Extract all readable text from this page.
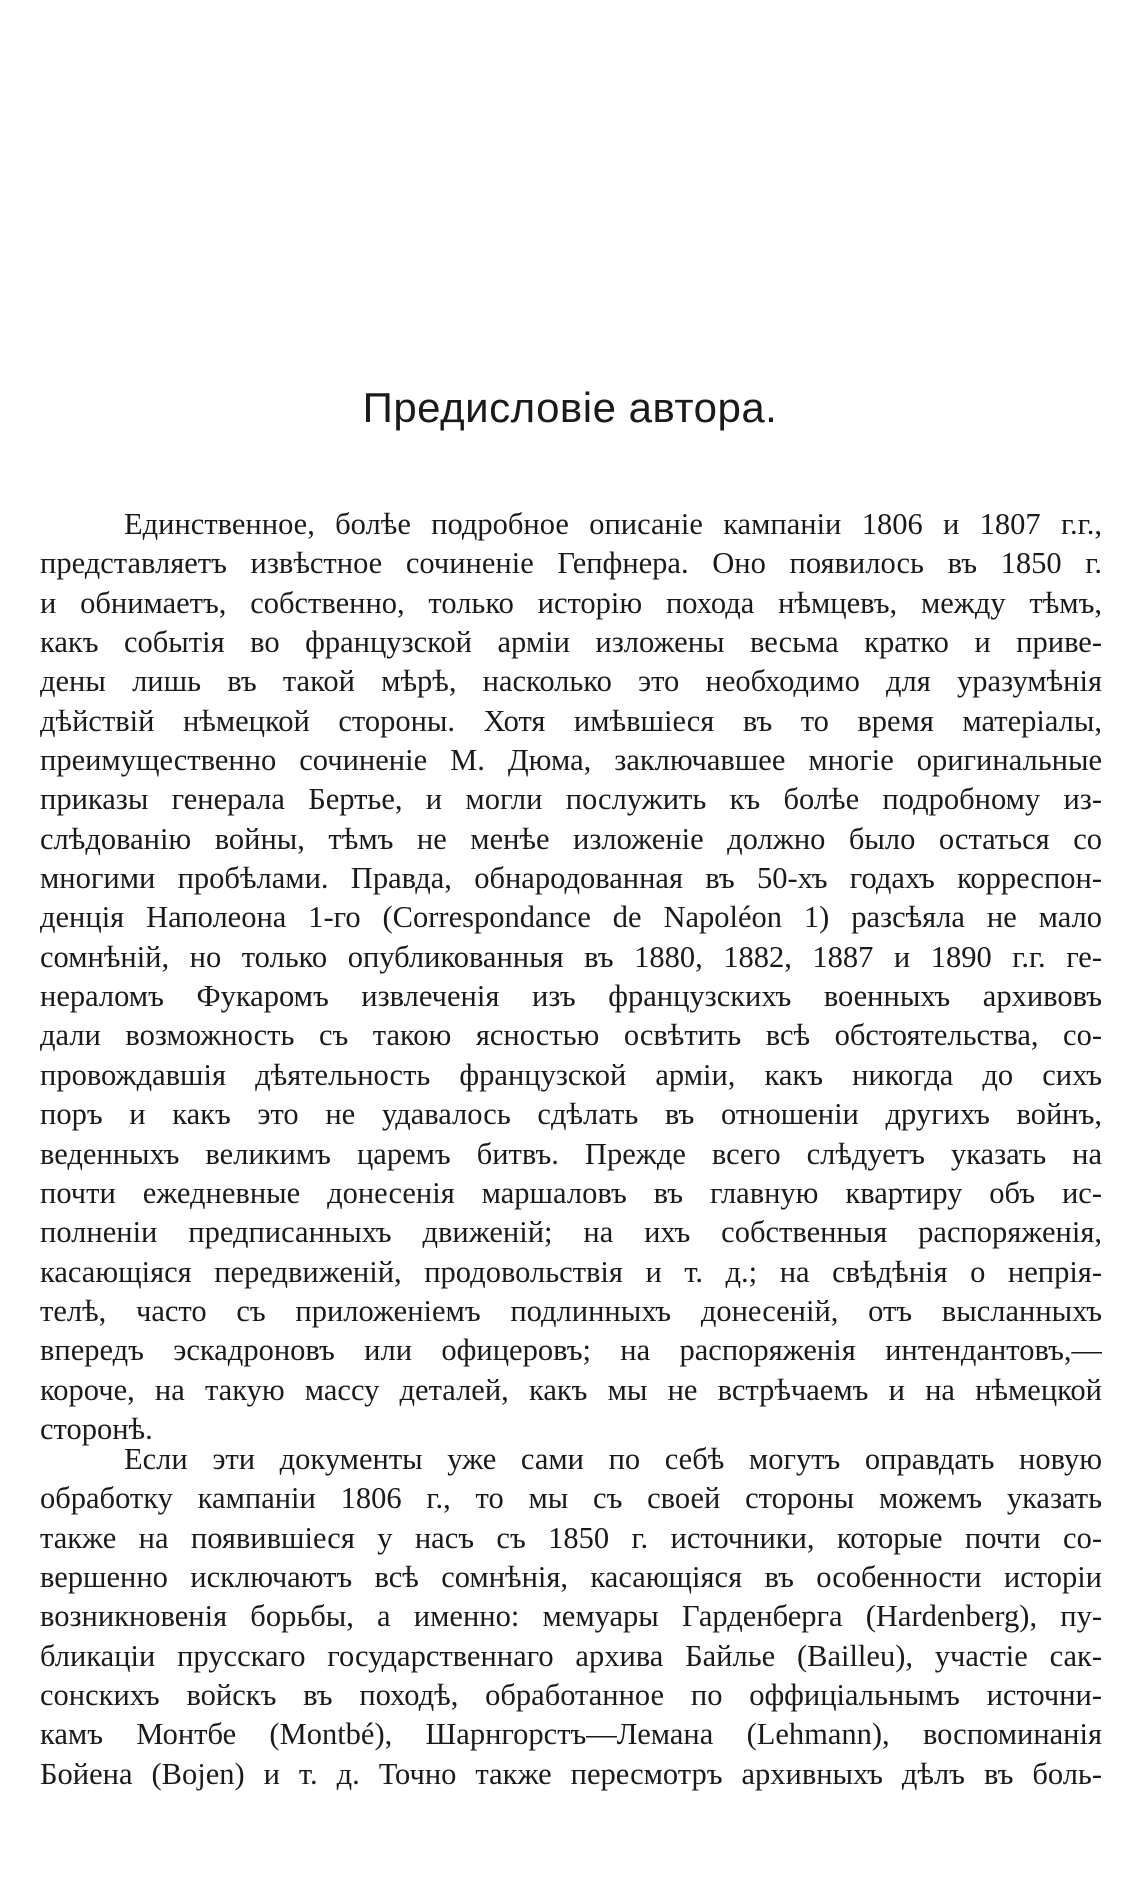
Предисловіе автора.
Единственное, болѣе подробное описаніе кампаніи 1806 и 1807 г.г.,
представляетъ извѣстное сочиненіе Гепфнера. Оно появилось въ 1850 г.
и обнимаетъ, собственно, только исторію похода нѣмцевъ, между тѣмъ,
какъ событія во французской арміи изложены весьма кратко и приве-
дены лишь въ такой мѣрѣ, насколько это необходимо для уразумѣнія
дѣйствій нѣмецкой стороны. Хотя имѣвшіеся въ то время матеріалы,
преимущественно сочиненіе М. Дюма, заключавшее многіе оригинальные
приказы генерала Бертье, и могли послужить къ болѣе подробному из-
слѣдованію войны, тѣмъ не менѣе изложеніе должно было остаться со
многими пробѣлами. Правда, обнародованная въ 50-хъ годахъ корреспон-
денція Наполеона 1-го (Correspondance de Napoléon 1) разсѣяла не мало
сомнѣній, но только опубликованныя въ 1880, 1882, 1887 и 1890 г.г. ге-
нераломъ Фукаромъ извлеченія изъ французскихъ военныхъ архивовъ
дали возможность съ такою ясностью освѣтить всѣ обстоятельства, со-
провождавшія дѣятельность французской арміи, какъ никогда до сихъ
поръ и какъ это не удавалось сдѣлать въ отношеніи другихъ войнъ,
веденныхъ великимъ царемъ битвъ. Прежде всего слѣдуетъ указать на
почти ежедневные донесенія маршаловъ въ главную квартиру объ ис-
полненіи предписанныхъ движеній; на ихъ собственныя распоряженія,
касающіяся передвиженій, продовольствія и т. д.; на свѣдѣнія о непрія-
телѣ, часто съ приложеніемъ подлинныхъ донесеній, отъ высланныхъ
впередъ эскадроновъ или офицеровъ; на распоряженія интендантовъ,—
короче, на такую массу деталей, какъ мы не встрѣчаемъ и на нѣмецкой
сторонѣ.
Если эти документы уже сами по себѣ могутъ оправдать новую
обработку кампаніи 1806 г., то мы съ своей стороны можемъ указать
также на появившіеся у насъ съ 1850 г. источники, которые почти со-
вершенно исключаютъ всѣ сомнѣнія, касающіяся въ особенности исторіи
возникновенія борьбы, а именно: мемуары Гарденберга (Hardenberg), пу-
бликаціи прусскаго государственнаго архива Байлье (Bailleu), участіе сак-
сонскихъ войскъ въ походѣ, обработанное по оффиціальнымъ источни-
камъ Монтбе (Montbé), Шарнгорстъ—Лемана (Lehmann), воспоминанія
Бойена (Bojen) и т. д. Точно также пересмотръ архивныхъ дѣлъ въ боль-
